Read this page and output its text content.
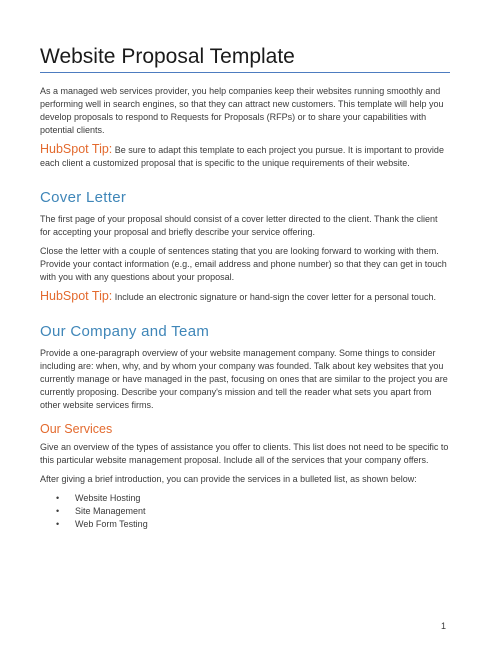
Website Proposal Template

As a managed web services provider, you help companies keep their websites running smoothly and performing well in search engines, so that they can attract new customers. This template will help you develop proposals to respond to Requests for Proposals (RFPs) or to share your capabilities with potential clients.

HubSpot Tip: Be sure to adapt this template to each project you pursue. It is important to provide each client a customized proposal that is specific to the unique requirements of their website.

Cover Letter

The first page of your proposal should consist of a cover letter directed to the client. Thank the client for accepting your proposal and briefly describe your service offering.

Close the letter with a couple of sentences stating that you are looking forward to working with them. Provide your contact information (e.g., email address and phone number) so that they can get in touch with you with any questions about your proposal.

HubSpot Tip: Include an electronic signature or hand-sign the cover letter for a personal touch.

Our Company and Team

Provide a one-paragraph overview of your website management company. Some things to consider including are: when, why, and by whom your company was founded. Talk about key websites that you currently manage or have managed in the past, focusing on ones that are similar to the project you are currently proposing. Describe your company's mission and tell the reader what sets you apart from other website services firms.

Our Services

Give an overview of the types of assistance you offer to clients. This list does not need to be specific to this particular website management proposal. Include all of the services that your company offers.

After giving a brief introduction, you can provide the services in a bulleted list, as shown below:

• Website Hosting
• Site Management
• Web Form Testing
1
